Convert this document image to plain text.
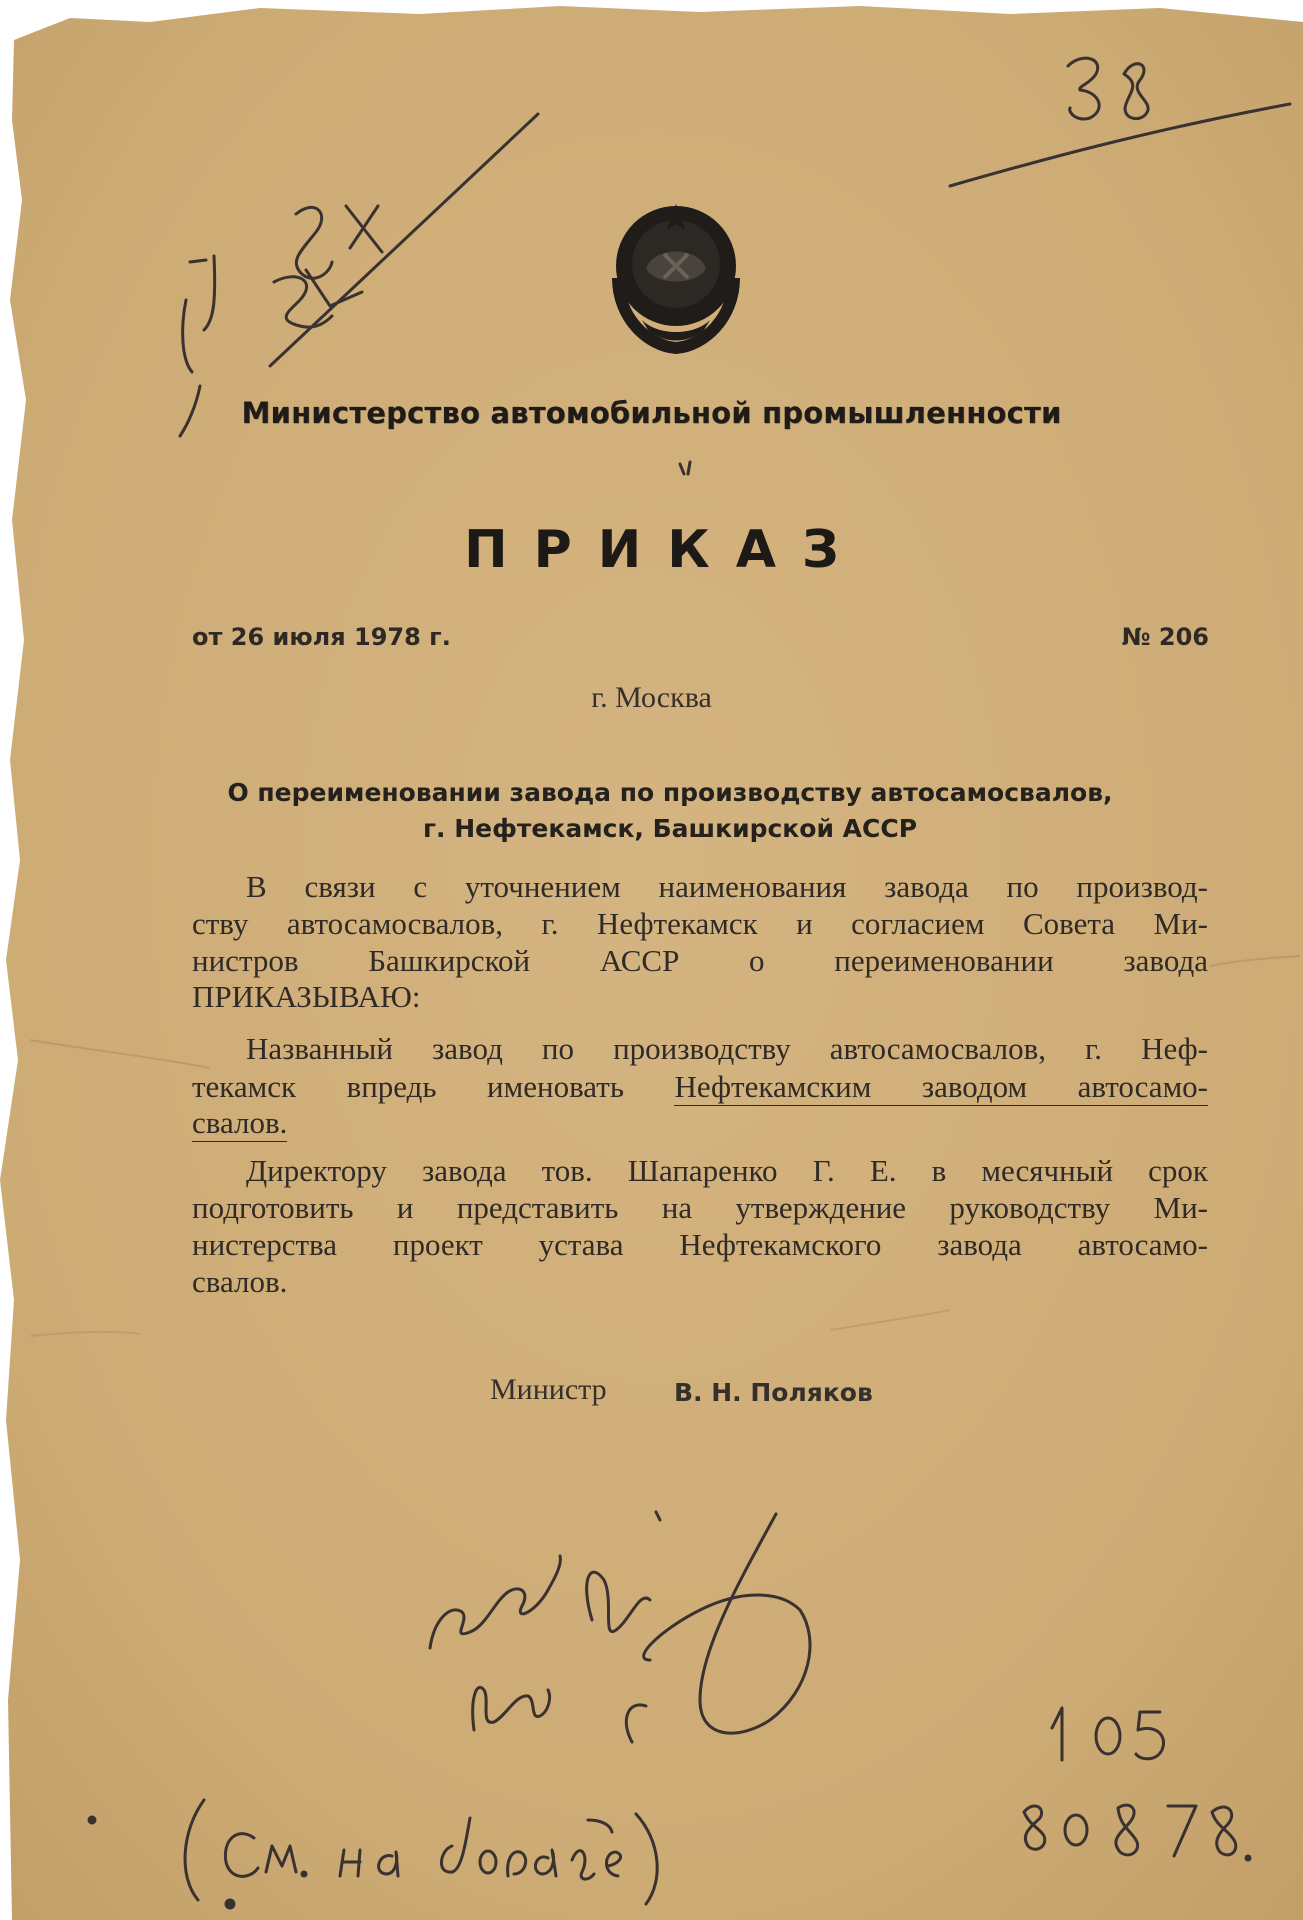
Министерство автомобильной промышленности
ПРИКАЗ
от 26 июля 1978 г.	№ 206
г. Москва
О переименовании завода по производству автосамосвалов,
г. Нефтекамск, Башкирской АССР
В связи с уточнением наименования завода по производ-
ству автосамосвалов, г. Нефтекамск и согласием Совета Ми-
нистров Башкирской АССР о переименовании завода
ПРИКАЗЫВАЮ:
Названный завод по производству автосамосвалов, г. Неф-
текамск впредь именовать Нефтекамским заводом автосамо-
свалов.
Директору завода тов. Шапаренко Г. Е. в месячный срок
подготовить и представить на утверждение руководству Ми-
нистерства проект устава Нефтекамского завода автосамо-
свалов.
Министр	В. Н. Поляков
